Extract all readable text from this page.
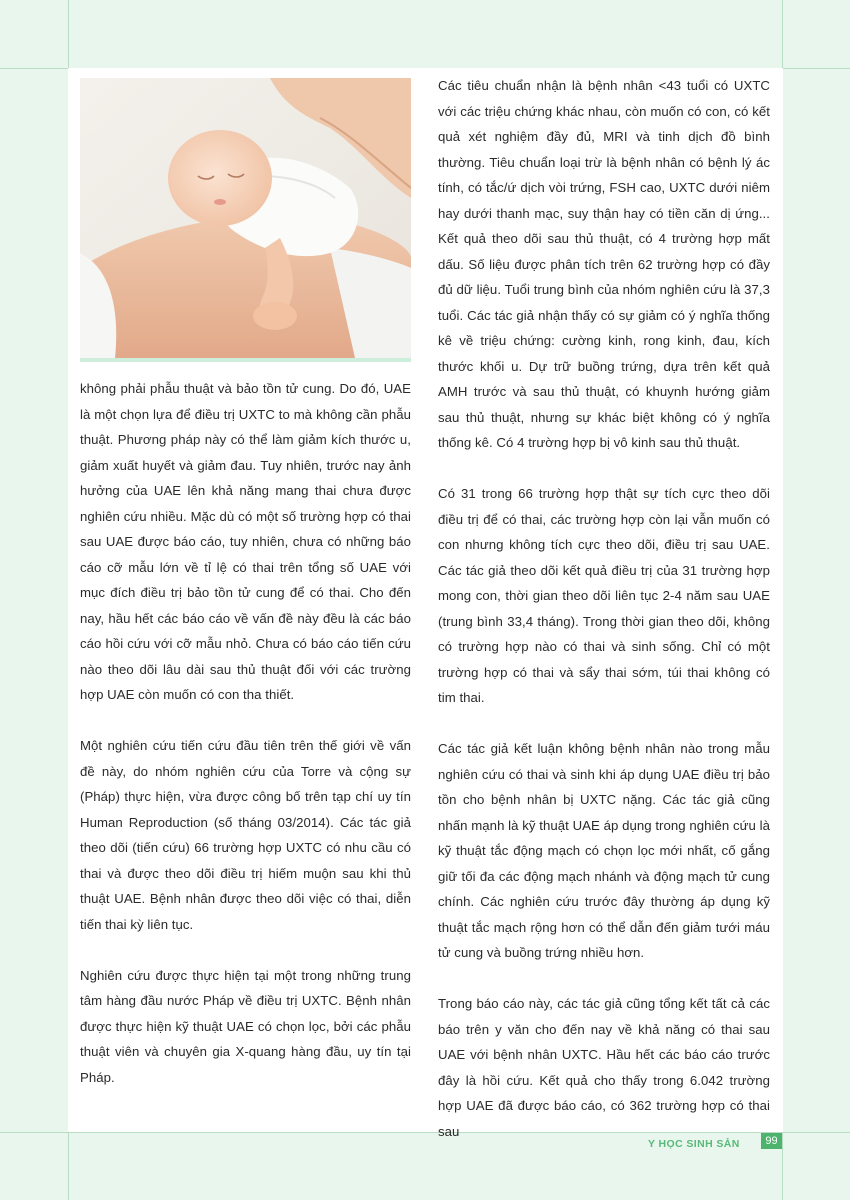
không phải phẫu thuật và bảo tồn tử cung. Do đó, UAE là một chọn lựa để điều trị UXTC to mà không cần phẫu thuật. Phương pháp này có thể làm giảm kích thước u, giảm xuất huyết và giảm đau. Tuy nhiên, trước nay ảnh hưởng của UAE lên khả năng mang thai chưa được nghiên cứu nhiều. Mặc dù có một số trường hợp có thai sau UAE được báo cáo, tuy nhiên, chưa có những báo cáo cỡ mẫu lớn về tỉ lệ có thai trên tổng số UAE với mục đích điều trị bảo tồn tử cung để có thai. Cho đến nay, hầu hết các báo cáo về vấn đề này đều là các báo cáo hồi cứu với cỡ mẫu nhỏ. Chưa có báo cáo tiến cứu nào theo dõi lâu dài sau thủ thuật đối với các trường hợp UAE còn muốn có con tha thiết.

Một nghiên cứu tiến cứu đầu tiên trên thế giới về vấn đề này, do nhóm nghiên cứu của Torre và cộng sự (Pháp) thực hiện, vừa được công bố trên tạp chí uy tín Human Reproduction (số tháng 03/2014). Các tác giả theo dõi (tiến cứu) 66 trường hợp UXTC có nhu cầu có thai và được theo dõi điều trị hiếm muộn sau khi thủ thuật UAE. Bệnh nhân được theo dõi việc có thai, diễn tiến thai kỳ liên tục.

Nghiên cứu được thực hiện tại một trong những trung tâm hàng đầu nước Pháp về điều trị UXTC. Bệnh nhân được thực hiện kỹ thuật UAE có chọn lọc, bởi các phẫu thuật viên và chuyên gia X-quang hàng đầu, uy tín tại Pháp.

Các tiêu chuẩn nhận là bệnh nhân <43 tuổi có UXTC với các triệu chứng khác nhau, còn muốn có con, có kết quả xét nghiệm đầy đủ, MRI và tinh dịch đồ bình thường. Tiêu chuẩn loại trừ là bệnh nhân có bệnh lý ác tính, có tắc/ứ dịch vòi trứng, FSH cao, UXTC dưới niêm hay dưới thanh mạc, suy thận hay có tiền căn dị ứng... Kết quả theo dõi sau thủ thuật, có 4 trường hợp mất dấu. Số liệu được phân tích trên 62 trường hợp có đầy đủ dữ liệu. Tuổi trung bình của nhóm nghiên cứu là 37,3 tuổi. Các tác giả nhận thấy có sự giảm có ý nghĩa thống kê về triệu chứng: cường kinh, rong kinh, đau, kích thước khối u. Dự trữ buồng trứng, dựa trên kết quả AMH trước và sau thủ thuật, có khuynh hướng giảm sau thủ thuật, nhưng sự khác biệt không có ý nghĩa thống kê. Có 4 trường hợp bị vô kinh sau thủ thuật.

Có 31 trong 66 trường hợp thật sự tích cực theo dõi điều trị để có thai, các trường hợp còn lại vẫn muốn có con nhưng không tích cực theo dõi, điều trị sau UAE. Các tác giả theo dõi kết quả điều trị của 31 trường hợp mong con, thời gian theo dõi liên tục 2-4 năm sau UAE (trung bình 33,4 tháng). Trong thời gian theo dõi, không có trường hợp nào có thai và sinh sống. Chỉ có một trường hợp có thai và sẩy thai sớm, túi thai không có tim thai.

Các tác giả kết luận không bệnh nhân nào trong mẫu nghiên cứu có thai và sinh khi áp dụng UAE điều trị bảo tồn cho bệnh nhân bị UXTC nặng. Các tác giả cũng nhấn mạnh là kỹ thuật UAE áp dụng trong nghiên cứu là kỹ thuật tắc động mạch có chọn lọc mới nhất, cố gắng giữ tối đa các động mạch nhánh và động mạch tử cung chính. Các nghiên cứu trước đây thường áp dụng kỹ thuật tắc mạch rộng hơn có thể dẫn đến giảm tưới máu tử cung và buồng trứng nhiều hơn.

Trong báo cáo này, các tác giả cũng tổng kết tất cả các báo trên y văn cho đến nay về khả năng có thai sau UAE với bệnh nhân UXTC. Hầu hết các báo cáo trước đây là hồi cứu. Kết quả cho thấy trong 6.042 trường hợp UAE đã được báo cáo, có 362 trường hợp có thai sau

Y HỌC SINH SẢN	99
